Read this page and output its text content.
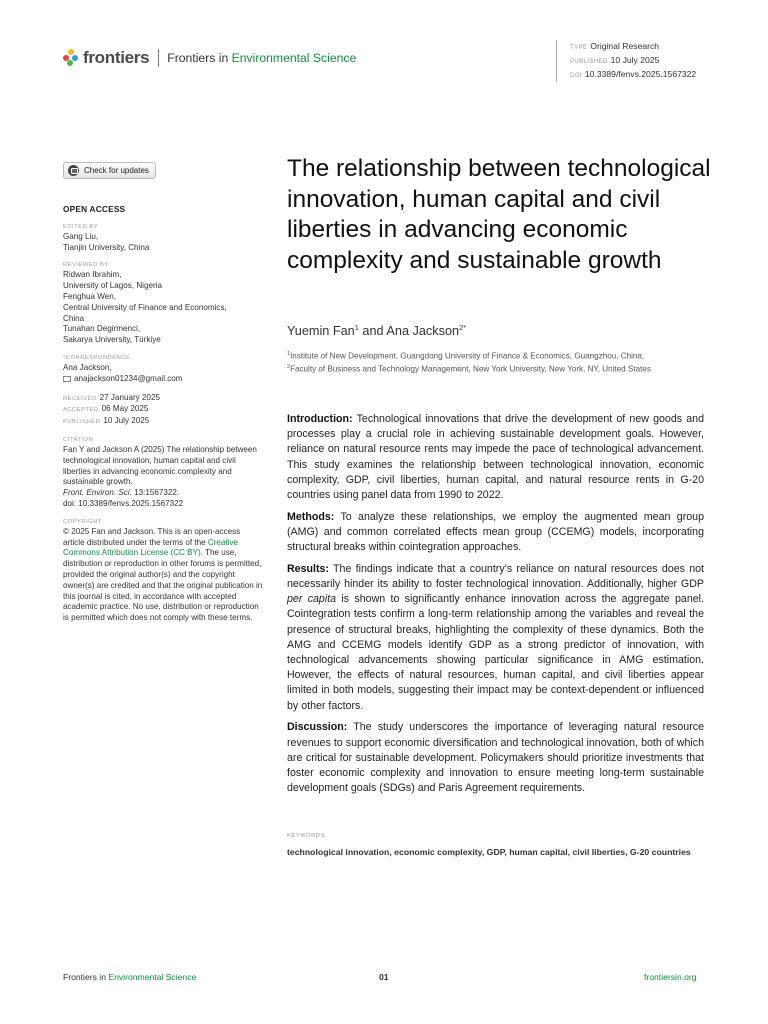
frontiers Frontiers in Environmental Science
TYPE Original Research
PUBLISHED 10 July 2025
DOI 10.3389/fenvs.2025.1567322
Check for updates
OPEN ACCESS
EDITED BY
Gang Liu,
Tianjin University, China
REVIEWED BY
Ridwan Ibrahim,
University of Lagos, Nigeria
Fenghua Wen,
Central University of Finance and Economics,
China
Tunahan Degirmenci,
Sakarya University, Türkiye
*CORRESPONDENCE
Ana Jackson,
anajackson01234@gmail.com
RECEIVED 27 January 2025
ACCEPTED 06 May 2025
PUBLISHED 10 July 2025
CITATION
Fan Y and Jackson A (2025) The relationship between technological innovation, human capital and civil liberties in advancing economic complexity and sustainable growth.
Front. Environ. Sci. 13:1567322.
doi: 10.3389/fenvs.2025.1567322
COPYRIGHT
© 2025 Fan and Jackson. This is an open-access article distributed under the terms of the Creative Commons Attribution License (CC BY). The use, distribution or reproduction in other forums is permitted, provided the original author(s) and the copyright owner(s) are credited and that the original publication in this journal is cited, in accordance with accepted academic practice. No use, distribution or reproduction is permitted which does not comply with these terms.
The relationship between technological innovation, human capital and civil liberties in advancing economic complexity and sustainable growth
Yuemin Fan$^1$ and Ana Jackson$^{2*}$
$^1$Institute of New Development, Guangdong University of Finance & Economics, Guangzhou, China,
$^2$Faculty of Business and Technology Management, New York University, New York, NY, United States

Introduction: Technological innovations that drive the development of new goods and processes play a crucial role in achieving sustainable development goals. However, reliance on natural resource rents may impede the pace of technological advancement. This study examines the relationship between technological innovation, economic complexity, GDP, civil liberties, human capital, and natural resource rents in G-20 countries using panel data from 1990 to 2022.

Methods: To analyze these relationships, we employ the augmented mean group (AMG) and common correlated effects mean group (CCEMG) models, incorporating structural breaks within cointegration approaches.

Results: The findings indicate that a country’s reliance on natural resources does not necessarily hinder its ability to foster technological innovation. Additionally, higher GDP per capita is shown to significantly enhance innovation across the aggregate panel. Cointegration tests confirm a long-term relationship among the variables and reveal the presence of structural breaks, highlighting the complexity of these dynamics. Both the AMG and CCEMG models identify GDP as a strong predictor of innovation, with technological advancements showing particular significance in AMG estimation. However, the effects of natural resources, human capital, and civil liberties appear limited in both models, suggesting their impact may be context-dependent or influenced by other factors.

Discussion: The study underscores the importance of leveraging natural resource revenues to support economic diversification and technological innovation, both of which are critical for sustainable development. Policymakers should prioritize investments that foster economic complexity and innovation to ensure meeting long-term sustainable development goals (SDGs) and Paris Agreement requirements.

KEYWORDS
technological innovation, economic complexity, GDP, human capital, civil liberties, G-20 countries
Frontiers in Environmental Science	01	frontiersin.org
